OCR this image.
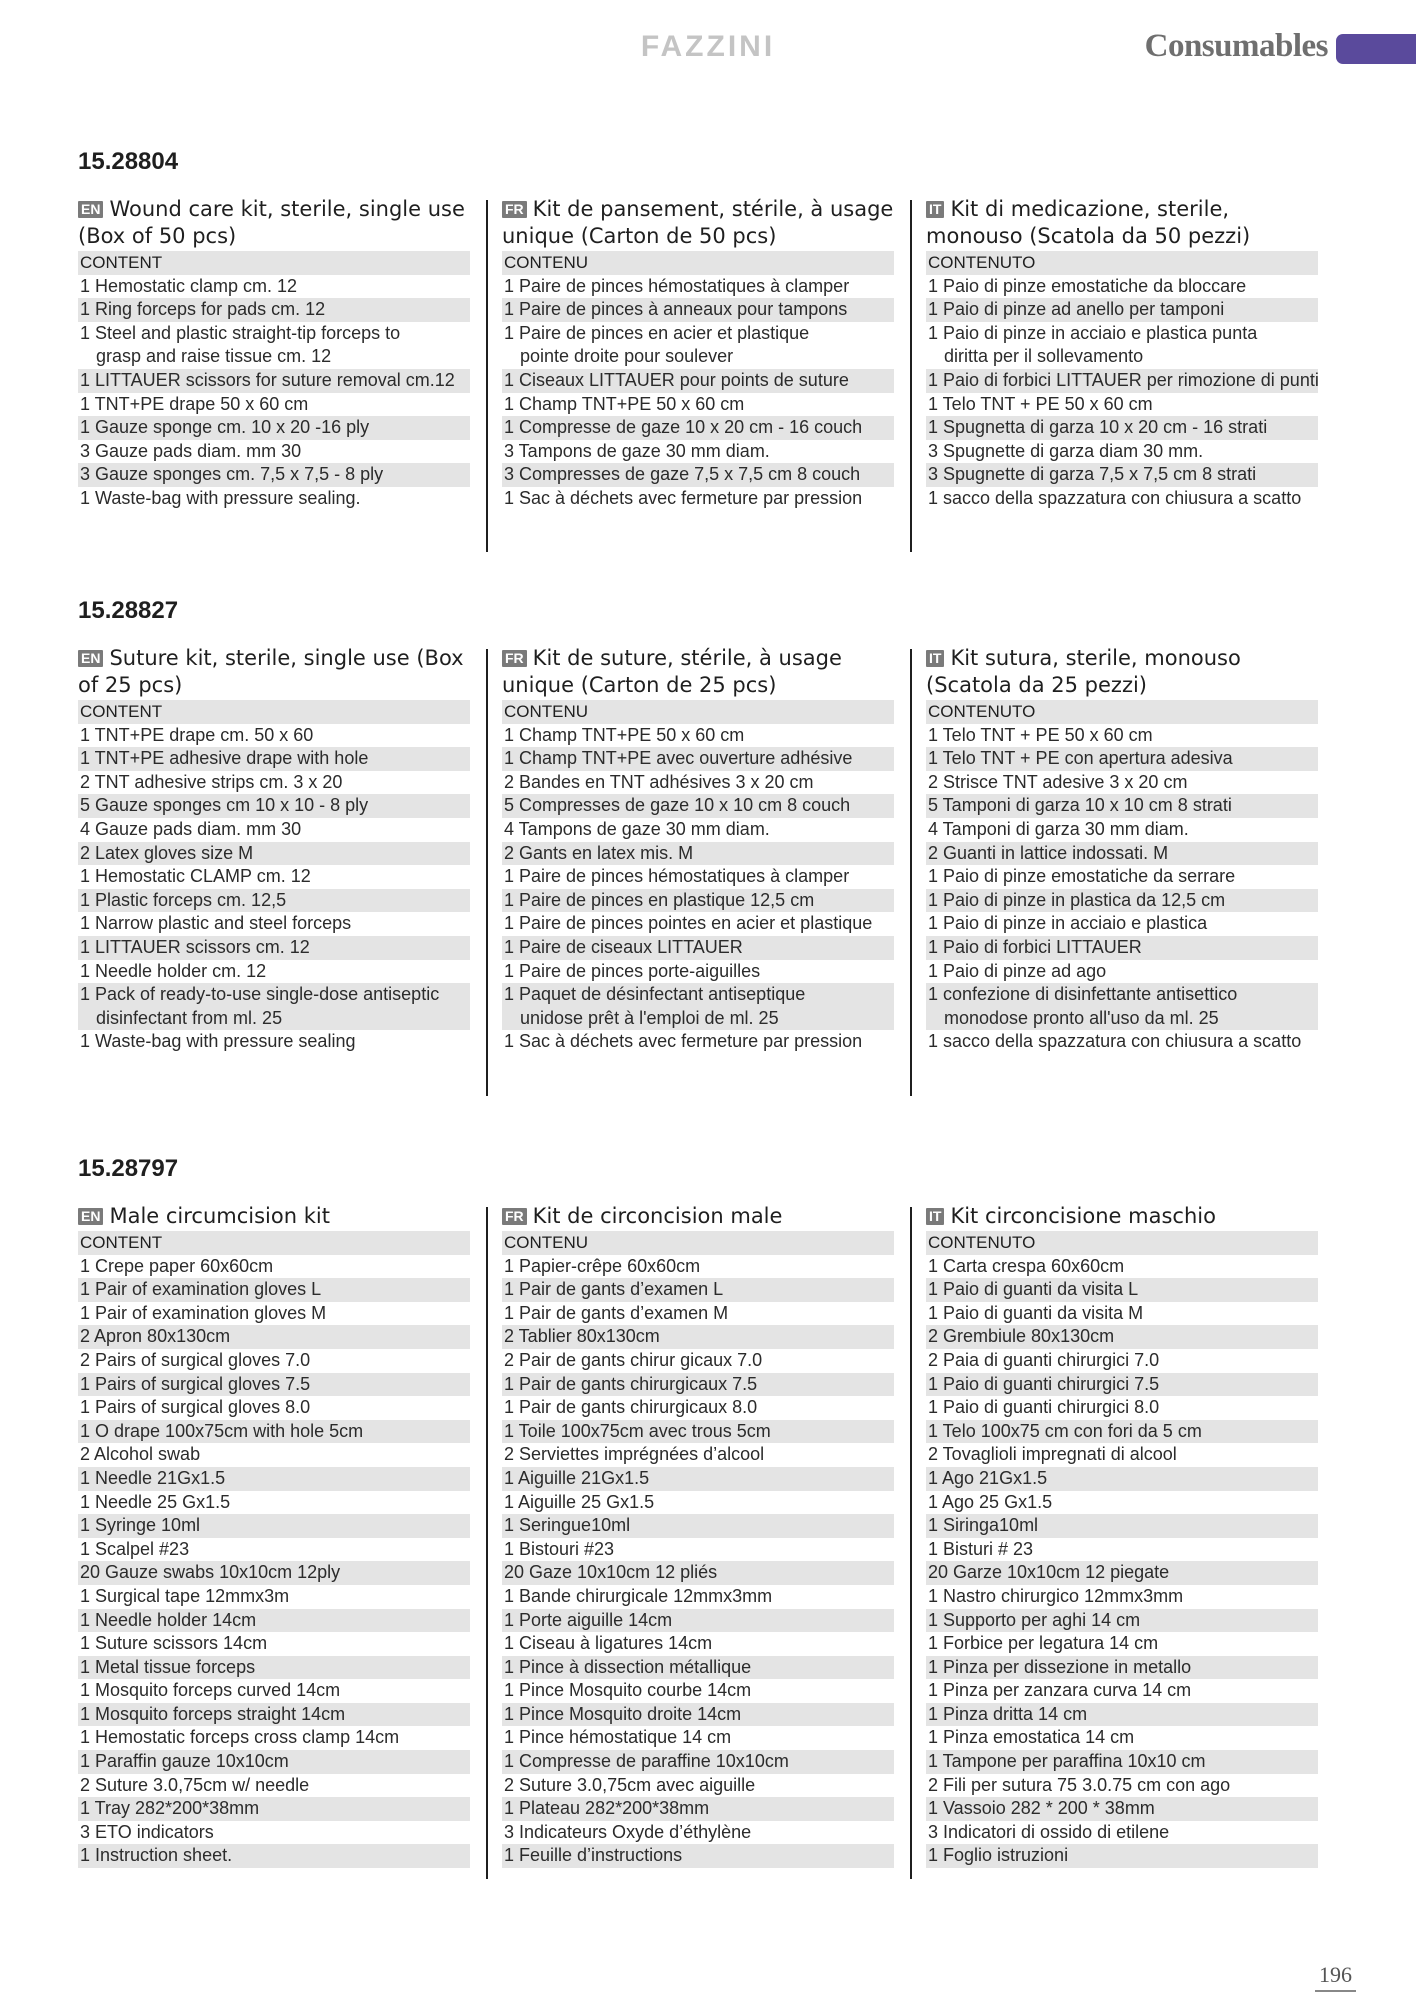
FAZZINI	Consumables
15.28804
EN Wound care kit, sterile, single use (Box of 50 pcs)
CONTENT
1 Hemostatic clamp cm. 12
1 Ring forceps for pads cm. 12
1 Steel and plastic straight-tip forceps to
grasp and raise tissue cm. 12
1 LITTAUER scissors for suture removal cm.12
1 TNT+PE drape 50 x 60 cm
1 Gauze sponge cm. 10 x 20 -16 ply
3 Gauze pads diam. mm 30
3 Gauze sponges cm. 7,5 x 7,5 - 8 ply
1 Waste-bag with pressure sealing.
FR Kit de pansement, stérile, à usage unique (Carton de 50 pcs)
CONTENU
1 Paire de pinces hémostatiques à clamper
1 Paire de pinces à anneaux pour tampons
1 Paire de pinces en acier et plastique
pointe droite pour soulever
1 Ciseaux LITTAUER pour points de suture
1 Champ TNT+PE 50 x 60 cm
1 Compresse de gaze 10 x 20 cm - 16 couch
3 Tampons de gaze 30 mm diam.
3 Compresses de gaze 7,5 x 7,5 cm 8 couch
1 Sac à déchets avec fermeture par pression
IT Kit di medicazione, sterile, monouso (Scatola da 50 pezzi)
CONTENUTO
1 Paio di pinze emostatiche da bloccare
1 Paio di pinze ad anello per tamponi
1 Paio di pinze in acciaio e plastica punta
diritta per il sollevamento
1 Paio di forbici LITTAUER per rimozione di punti
1 Telo TNT + PE 50 x 60 cm
1 Spugnetta di garza 10 x 20 cm - 16 strati
3 Spugnette di garza diam 30 mm.
3 Spugnette di garza 7,5 x 7,5 cm 8 strati
1 sacco della spazzatura con chiusura a scatto
15.28827
EN Suture kit, sterile, single use (Box of 25 pcs)
CONTENT
1 TNT+PE drape cm. 50 x 60
1 TNT+PE adhesive drape with hole
2 TNT adhesive strips cm. 3 x 20
5 Gauze sponges cm 10 x 10 - 8 ply
4 Gauze pads diam. mm 30
2 Latex gloves size M
1 Hemostatic CLAMP cm. 12
1 Plastic forceps cm. 12,5
1 Narrow plastic and steel forceps
1 LITTAUER scissors cm. 12
1 Needle holder cm. 12
1 Pack of ready-to-use single-dose antiseptic
disinfectant from ml. 25
1 Waste-bag with pressure sealing
FR Kit de suture, stérile, à usage unique (Carton de 25 pcs)
CONTENU
1 Champ TNT+PE 50 x 60 cm
1 Champ TNT+PE avec ouverture adhésive
2 Bandes en TNT adhésives 3 x 20 cm
5 Compresses de gaze 10 x 10 cm 8 couch
4 Tampons de gaze 30 mm diam.
2 Gants en latex mis. M
1 Paire de pinces hémostatiques à clamper
1 Paire de pinces en plastique 12,5 cm
1 Paire de pinces pointes en acier et plastique
1 Paire de ciseaux LITTAUER
1 Paire de pinces porte-aiguilles
1 Paquet de désinfectant antiseptique
unidose prêt à l'emploi de ml. 25
1 Sac à déchets avec fermeture par pression
IT Kit sutura, sterile, monouso (Scatola da 25 pezzi)
CONTENUTO
1 Telo TNT + PE 50 x 60 cm
1 Telo TNT + PE con apertura adesiva
2 Strisce TNT adesive 3 x 20 cm
5 Tamponi di garza 10 x 10 cm 8 strati
4 Tamponi di garza 30 mm diam.
2 Guanti in lattice indossati. M
1 Paio di pinze emostatiche da serrare
1 Paio di pinze in plastica da 12,5 cm
1 Paio di pinze in acciaio e plastica
1 Paio di forbici LITTAUER
1 Paio di pinze ad ago
1 confezione di disinfettante antisettico
monodose pronto all'uso da ml. 25
1 sacco della spazzatura con chiusura a scatto
15.28797
EN Male circumcision kit
CONTENT
1 Crepe paper 60x60cm
1 Pair of examination gloves L
1 Pair of examination gloves M
2 Apron 80x130cm
2 Pairs of surgical gloves 7.0
1 Pairs of surgical gloves 7.5
1 Pairs of surgical gloves 8.0
1 O drape 100x75cm with hole 5cm
2 Alcohol swab
1 Needle 21Gx1.5
1 Needle 25 Gx1.5
1 Syringe 10ml
1 Scalpel #23
20 Gauze swabs 10x10cm 12ply
1 Surgical tape 12mmx3m
1 Needle holder 14cm
1 Suture scissors 14cm
1 Metal tissue forceps
1 Mosquito forceps curved 14cm
1 Mosquito forceps straight 14cm
1 Hemostatic forceps cross clamp 14cm
1 Paraffin gauze 10x10cm
2 Suture 3.0,75cm w/ needle
1 Tray 282*200*38mm
3 ETO indicators
1 Instruction sheet.
FR Kit de circoncision male
CONTENU
1 Papier-crêpe 60x60cm
1 Pair de gants d’examen L
1 Pair de gants d’examen M
2 Tablier 80x130cm
2 Pair de gants chirur gicaux 7.0
1 Pair de gants chirurgicaux 7.5
1 Pair de gants chirurgicaux 8.0
1 Toile 100x75cm avec trous 5cm
2 Serviettes imprégnées d’alcool
1 Aiguille 21Gx1.5
1 Aiguille 25 Gx1.5
1 Seringue10ml
1 Bistouri #23
20 Gaze 10x10cm 12 pliés
1 Bande chirurgicale 12mmx3mm
1 Porte aiguille 14cm
1 Ciseau à ligatures 14cm
1 Pince à dissection métallique
1 Pince Mosquito courbe 14cm
1 Pince Mosquito droite 14cm
1 Pince hémostatique 14 cm
1 Compresse de paraffine 10x10cm
2 Suture 3.0,75cm avec aiguille
1 Plateau 282*200*38mm
3 Indicateurs Oxyde d’éthylène
1 Feuille d’instructions
IT Kit circoncisione maschio
CONTENUTO
1 Carta crespa 60x60cm
1 Paio di guanti da visita L
1 Paio di guanti da visita M
2 Grembiule 80x130cm
2 Paia di guanti chirurgici 7.0
1 Paio di guanti chirurgici 7.5
1 Paio di guanti chirurgici 8.0
1 Telo 100x75 cm con fori da 5 cm
2 Tovaglioli impregnati di alcool
1 Ago 21Gx1.5
1 Ago 25 Gx1.5
1 Siringa10ml
1 Bisturi # 23
20 Garze 10x10cm 12 piegate
1 Nastro chirurgico 12mmx3mm
1 Supporto per aghi 14 cm
1 Forbice per legatura 14 cm
1 Pinza per dissezione in metallo
1 Pinza per zanzara curva 14 cm
1 Pinza dritta 14 cm
1 Pinza emostatica 14 cm
1 Tampone per paraffina 10x10 cm
2 Fili per sutura 75 3.0.75 cm con ago
1 Vassoio 282 * 200 * 38mm
3 Indicatori di ossido di etilene
1 Foglio istruzioni
196
